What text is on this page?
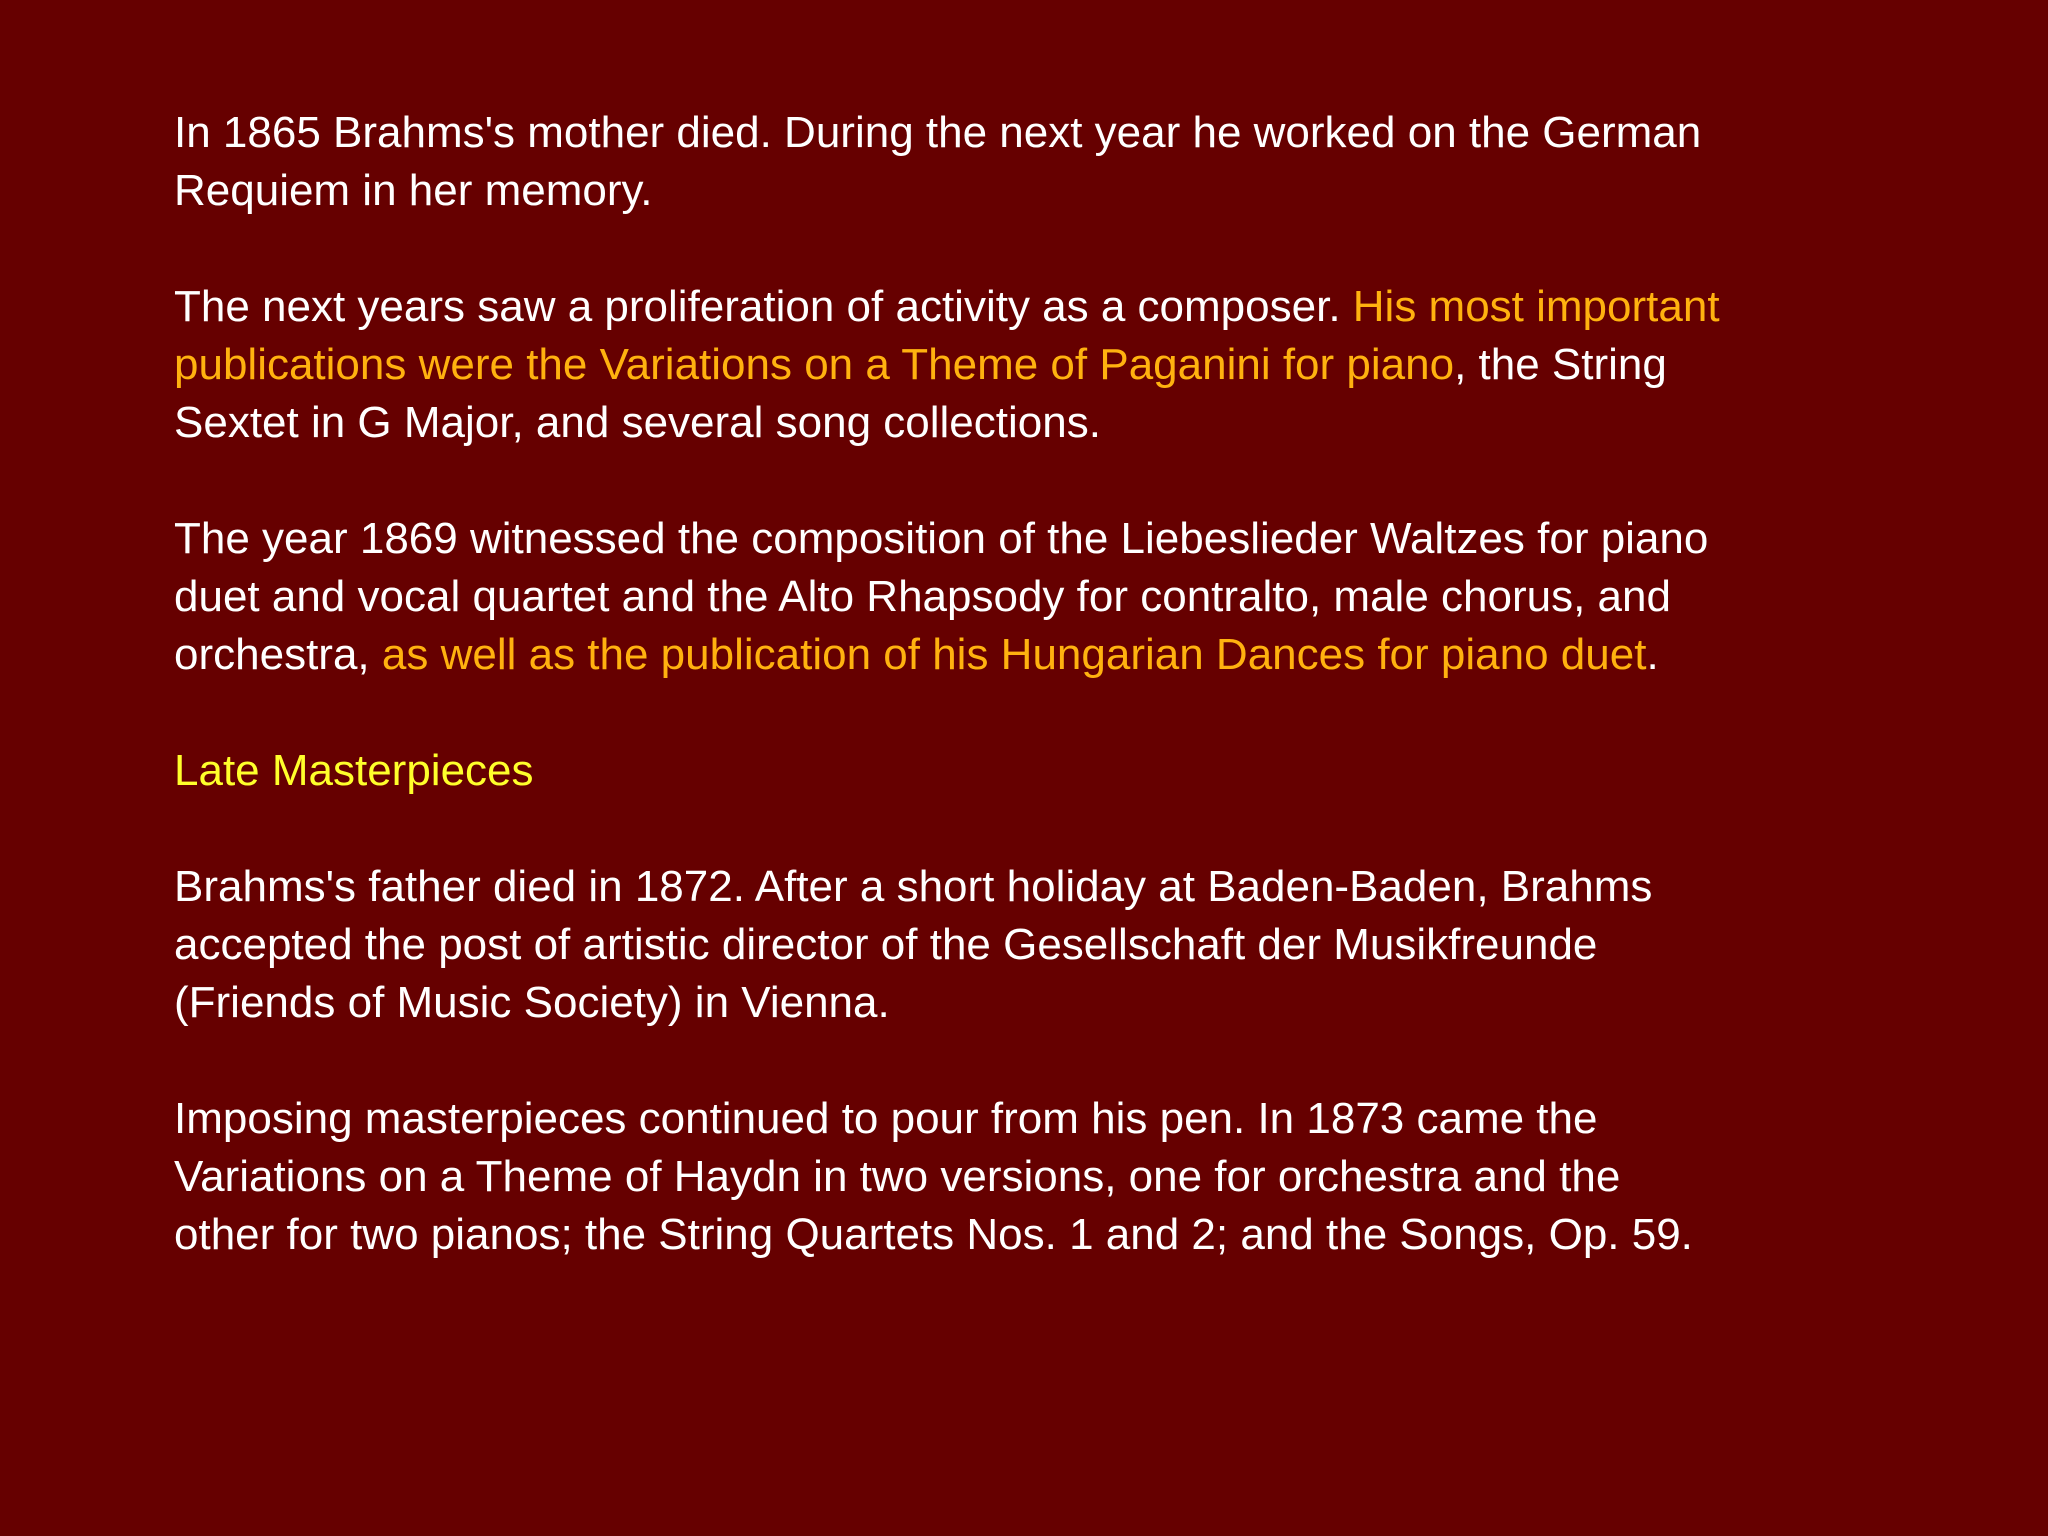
In 1865 Brahms's mother died. During the next year he worked on the German
Requiem in her memory.

The next years saw a proliferation of activity as a composer. His most important
publications were the Variations on a Theme of Paganini for piano, the String
Sextet in G Major, and several song collections.

The year 1869 witnessed the composition of the Liebeslieder Waltzes for piano
duet and vocal quartet and the Alto Rhapsody for contralto, male chorus, and
orchestra, as well as the publication of his Hungarian Dances for piano duet.

Late Masterpieces

Brahms's father died in 1872. After a short holiday at Baden-Baden, Brahms
accepted the post of artistic director of the Gesellschaft der Musikfreunde
(Friends of Music Society) in Vienna.

Imposing masterpieces continued to pour from his pen. In 1873 came the
Variations on a Theme of Haydn in two versions, one for orchestra and the
other for two pianos; the String Quartets Nos. 1 and 2; and the Songs, Op. 59.
